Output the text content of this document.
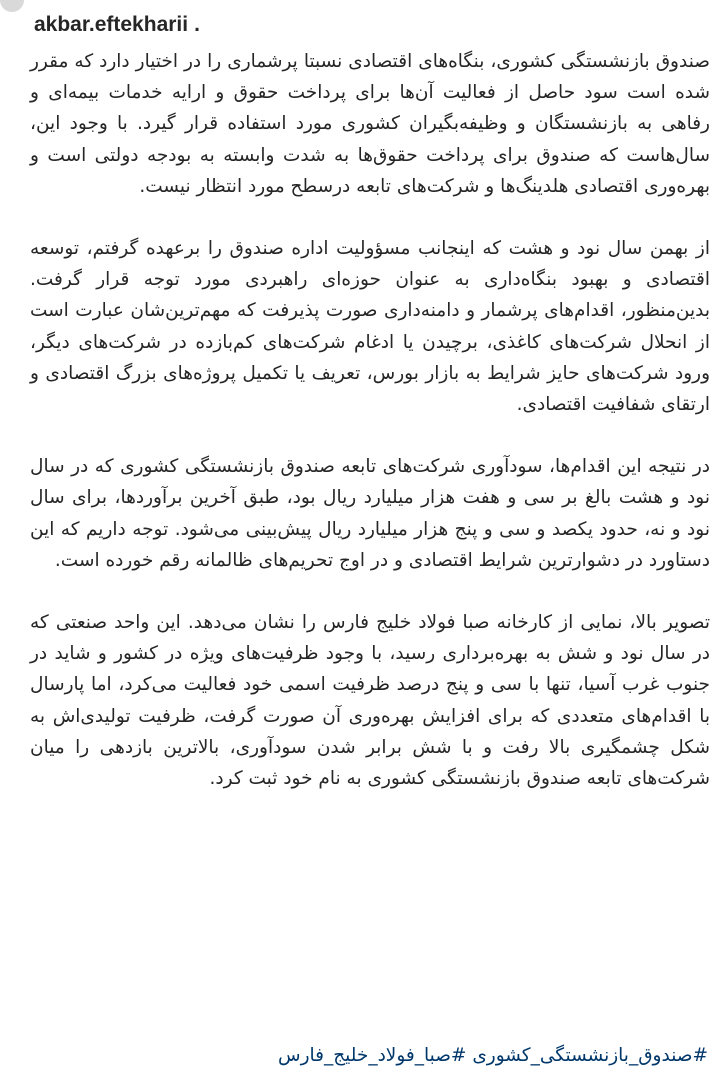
akbar.eftekharii .

صندوق بازنشستگی کشوری، بنگاه‌های اقتصادی نسبتا پرشماری را در اختیار دارد که مقرر شده است سود حاصل از فعالیت آن‌ها برای پرداخت حقوق و ارایه خدمات بیمه‌ای و رفاهی به بازنشستگان و وظیفه‌بگیران کشوری مورد استفاده قرار گیرد. با وجود این، سال‌هاست که صندوق برای پرداخت حقوق‌ها به شدت وابسته به بودجه دولتی است و بهره‌وری اقتصادی هلدینگ‌ها و شرکت‌های تابعه درسطح مورد انتظار نیست.

از بهمن سال نود و هشت که اینجانب مسؤولیت اداره صندوق را برعهده گرفتم، توسعه اقتصادی و بهبود بنگاه‌داری به عنوان حوزه‌ای راهبردی مورد توجه قرار گرفت. بدین‌منظور، اقدام‌های پرشمار و دامنه‌داری صورت پذیرفت که مهم‌ترین‌شان عبارت است از انحلال شرکت‌های کاغذی، برچیدن یا ادغام شرکت‌های کم‌بازده در شرکت‌های دیگر، ورود شرکت‌های حایز شرایط به بازار بورس، تعریف یا تکمیل پروژه‌های بزرگ اقتصادی و ارتقای شفافیت اقتصادی.

در نتیجه این اقدام‌ها، سودآوری شرکت‌های تابعه صندوق بازنشستگی کشوری که در سال نود و هشت بالغ بر سی و هفت هزار میلیارد ریال بود، طبق آخرین برآوردها، برای سال نود و نه، حدود یکصد و سی و پنج هزار میلیارد ریال پیش‌بینی می‌شود. توجه داریم که این دستاورد در دشوارترین شرایط اقتصادی و در اوج تحریم‌های ظالمانه رقم خورده است.

تصویر بالا، نمایی از کارخانه صبا فولاد خلیج فارس را نشان می‌دهد. این واحد صنعتی که در سال نود و شش به بهره‌برداری رسید، با وجود ظرفیت‌های ویژه در کشور و شاید در جنوب غرب آسیا، تنها با سی و پنج درصد ظرفیت اسمی خود فعالیت می‌کرد، اما پارسال با اقدام‌های متعددی که برای افزایش بهره‌وری آن صورت گرفت، ظرفیت تولیدی‌اش به شکل چشمگیری بالا رفت و با شش برابر شدن سودآوری، بالاترین بازدهی را میان شرکت‌های تابعه صندوق بازنشستگی کشوری به نام خود ثبت کرد.

#صندوق_بازنشستگی_کشوری #صبا_فولاد_خلیج_فارس
